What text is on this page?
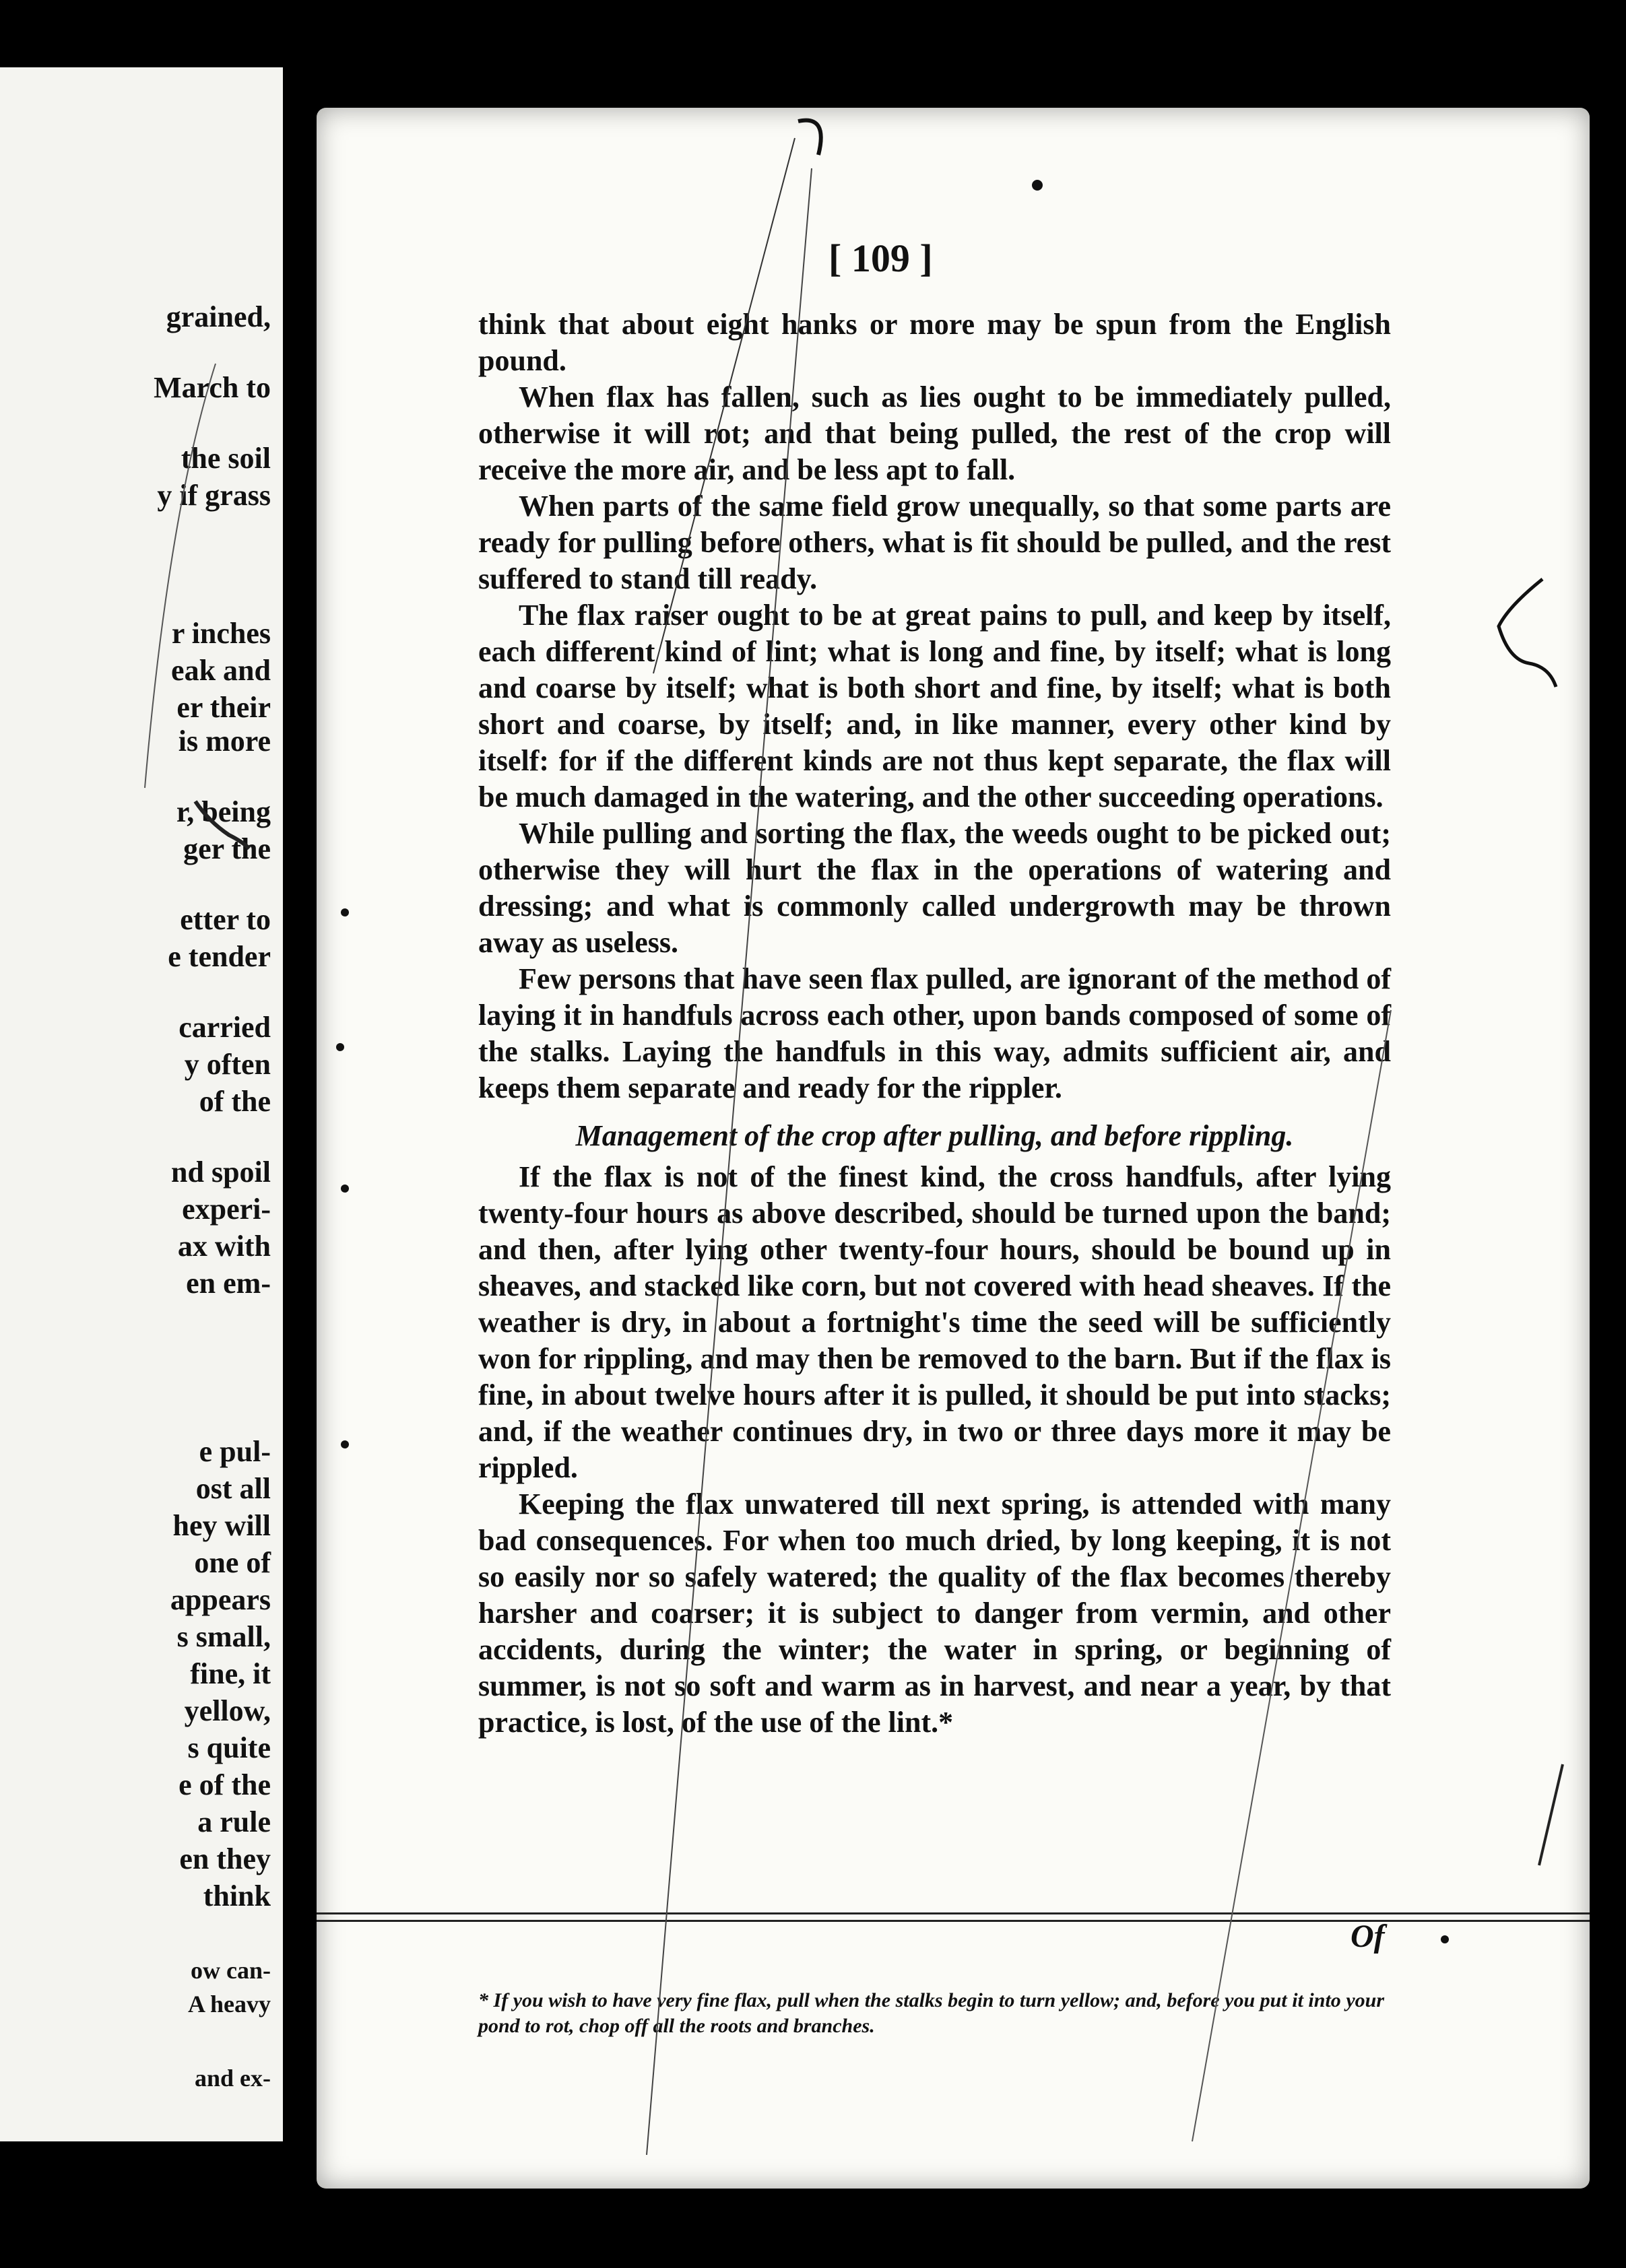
grained,
March to
the soil
y if grass
r inches
eak and
er their
is more
r, being
ger the
etter to
e tender
carried
y often
of the
nd spoil
experi-
ax with
en em-
e pul-
ost all
hey will
one of
appears
s small,
fine, it
yellow,
s quite
e of the
a rule
en they
think
ow can-
A heavy
and ex-
[ 109 ]

think that about eight hanks or more may be spun from the English pound.

When flax has fallen, such as lies ought to be immediately pulled, otherwise it will rot; and that being pulled, the rest of the crop will receive the more air, and be less apt to fall.

When parts of the same field grow unequally, so that some parts are ready for pulling before others, what is fit should be pulled, and the rest suffered to stand till ready.

The flax raiser ought to be at great pains to pull, and keep by itself, each different kind of lint; what is long and fine, by itself; what is long and coarse by itself; what is both short and fine, by itself; what is both short and coarse, by itself; and, in like manner, every other kind by itself: for if the different kinds are not thus kept separate, the flax will be much damaged in the watering, and the other succeeding operations.

While pulling and sorting the flax, the weeds ought to be picked out; otherwise they will hurt the flax in the operations of watering and dressing; and what is commonly called undergrowth may be thrown away as useless.

Few persons that have seen flax pulled, are ignorant of the method of laying it in handfuls across each other, upon bands composed of some of the stalks. Laying the handfuls in this way, admits sufficient air, and keeps them separate and ready for the rippler.

Management of the crop after pulling, and before rippling.

If the flax is not of the finest kind, the cross handfuls, after lying twenty-four hours as above described, should be turned upon the band; and then, after lying other twenty-four hours, should be bound up in sheaves, and stacked like corn, but not covered with head sheaves. If the weather is dry, in about a fortnight's time the seed will be sufficiently won for rippling, and may then be removed to the barn. But if the flax is fine, in about twelve hours after it is pulled, it should be put into stacks; and, if the weather continues dry, in two or three days more it may be rippled.

Keeping the flax unwatered till next spring, is attended with many bad consequences. For when too much dried, by long keeping, it is not so easily nor so safely watered; the quality of the flax becomes thereby harsher and coarser; it is subject to danger from vermin, and other accidents, during the winter; the water in spring, or beginning of summer, is not so soft and warm as in harvest, and near a year, by that practice, is lost, of the use of the lint.*

Of
* If you wish to have very fine flax, pull when the stalks begin to turn yellow; and, before you put it into your pond to rot, chop off all the roots and branches.
